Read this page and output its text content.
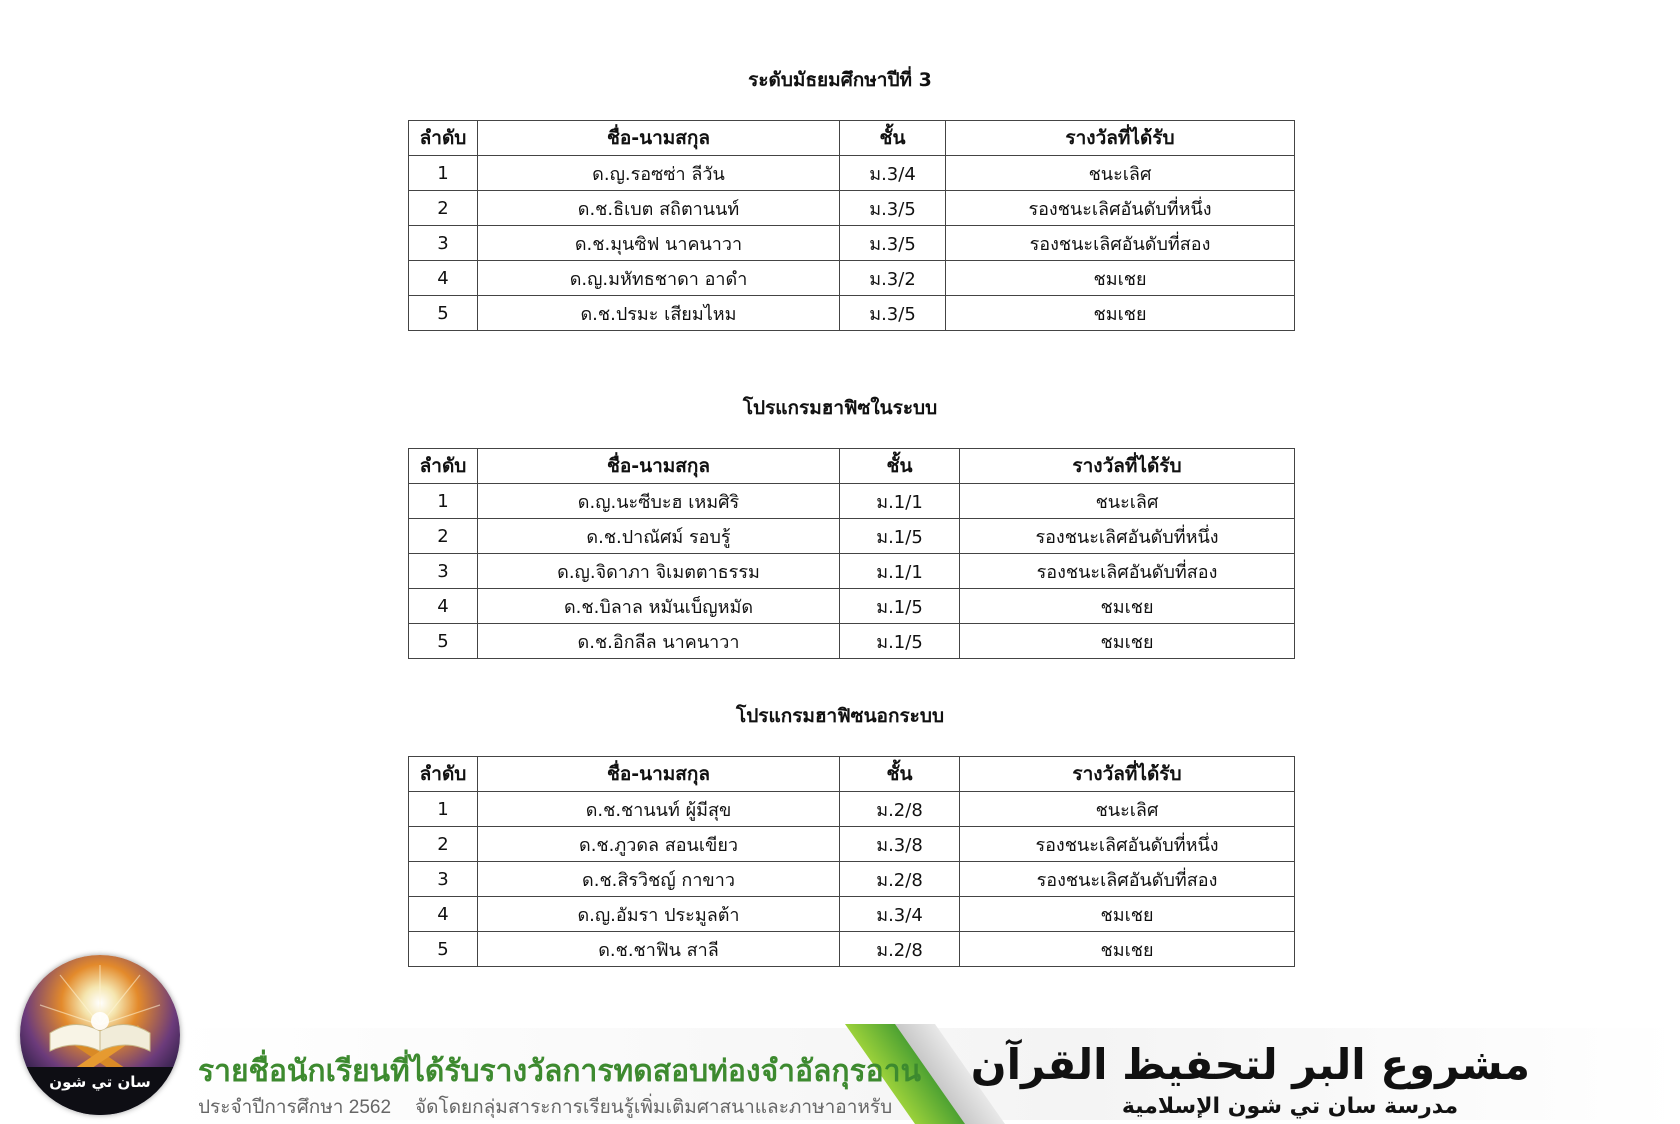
ระดับมัธยมศึกษาปีที่ 3
ลำดับ	ชื่อ-นามสกุล	ชั้น	รางวัลที่ได้รับ
1	ด.ญ.รอซซ่า ลีวัน	ม.3/4	ชนะเลิศ
2	ด.ช.ธิเบต สถิตานนท์	ม.3/5	รองชนะเลิศอันดับที่หนึ่ง
3	ด.ช.มุนซิฟ นาคนาวา	ม.3/5	รองชนะเลิศอันดับที่สอง
4	ด.ญ.มหัทธชาดา อาดำ	ม.3/2	ชมเชย
5	ด.ช.ปรมะ เสียมไหม	ม.3/5	ชมเชย
โปรแกรมฮาฟิซในระบบ
ลำดับ	ชื่อ-นามสกุล	ชั้น	รางวัลที่ได้รับ
1	ด.ญ.นะซีบะฮ เหมศิริ	ม.1/1	ชนะเลิศ
2	ด.ช.ปาณัศม์ รอบรู้	ม.1/5	รองชนะเลิศอันดับที่หนึ่ง
3	ด.ญ.จิดาภา จิเมตตาธรรม	ม.1/1	รองชนะเลิศอันดับที่สอง
4	ด.ช.บิลาล หมันเบ็ญหมัด	ม.1/5	ชมเชย
5	ด.ช.อิกลีล นาคนาวา	ม.1/5	ชมเชย
โปรแกรมฮาฟิซนอกระบบ
ลำดับ	ชื่อ-นามสกุล	ชั้น	รางวัลที่ได้รับ
1	ด.ช.ชานนท์ ผู้มีสุข	ม.2/8	ชนะเลิศ
2	ด.ช.ภูวดล สอนเขียว	ม.3/8	รองชนะเลิศอันดับที่หนึ่ง
3	ด.ช.สิรวิชญ์ กาขาว	ม.2/8	รองชนะเลิศอันดับที่สอง
4	ด.ญ.อัมรา ประมูลต้า	ม.3/4	ชมเชย
5	ด.ช.ชาฟิน สาลี	ม.2/8	ชมเชย
سان تي شون	รายชื่อนักเรียนที่ได้รับรางวัลการทดสอบท่องจำอัลกุรอาน
ประจำปีการศึกษา 2562 จัดโดยกลุ่มสาระการเรียนรู้เพิ่มเติมศาสนาและภาษาอาหรับ
مشروع البر لتحفيظ القرآن
مدرسة سان تي شون الإسلامية
